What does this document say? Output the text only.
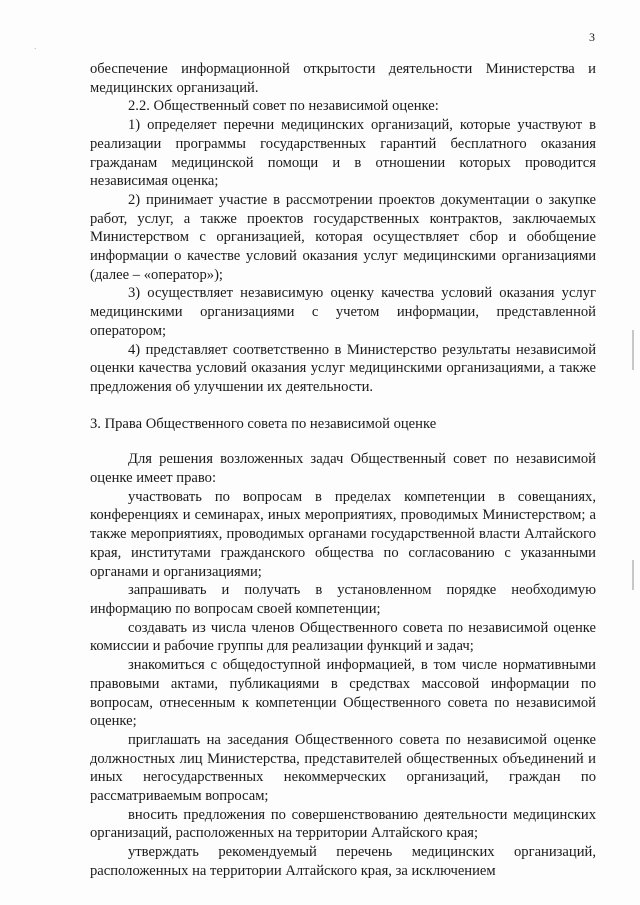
3
·

обеспечение информационной открытости деятельности Министерства и медицинских организаций.

2.2. Общественный совет по независимой оценке:

1) определяет перечни медицинских организаций, которые участвуют в реализации программы государственных гарантий бесплатного оказания гражданам медицинской помощи и в отношении которых проводится независимая оценка;

2) принимает участие в рассмотрении проектов документации о закупке работ, услуг, а также проектов государственных контрактов, заключаемых Министерством с организацией, которая осуществляет сбор и обобщение информации о качестве условий оказания услуг медицинскими организациями (далее – «оператор»);

3) осуществляет независимую оценку качества условий оказания услуг медицинскими организациями с учетом информации, представленной оператором;

4) представляет соответственно в Министерство результаты независимой оценки качества условий оказания услуг медицинскими организациями, а также предложения об улучшении их деятельности.

3. Права Общественного совета по независимой оценке

Для решения возложенных задач Общественный совет по независимой оценке имеет право:

участвовать по вопросам в пределах компетенции в совещаниях, конференциях и семинарах, иных мероприятиях, проводимых Министерством; а также мероприятиях, проводимых органами государственной власти Алтайского края, институтами гражданского общества по согласованию с указанными органами и организациями;

запрашивать и получать в установленном порядке необходимую информацию по вопросам своей компетенции;

создавать из числа членов Общественного совета по независимой оценке комиссии и рабочие группы для реализации функций и задач;

знакомиться с общедоступной информацией, в том числе нормативными правовыми актами, публикациями в средствах массовой информации по вопросам, отнесенным к компетенции Общественного совета по независимой оценке;

приглашать на заседания Общественного совета по независимой оценке должностных лиц Министерства, представителей общественных объединений и иных негосударственных некоммерческих организаций, граждан по рассматриваемым вопросам;

вносить предложения по совершенствованию деятельности медицинских организаций, расположенных на территории Алтайского края;

утверждать рекомендуемый перечень медицинских организаций, расположенных на территории Алтайского края, за исключением
